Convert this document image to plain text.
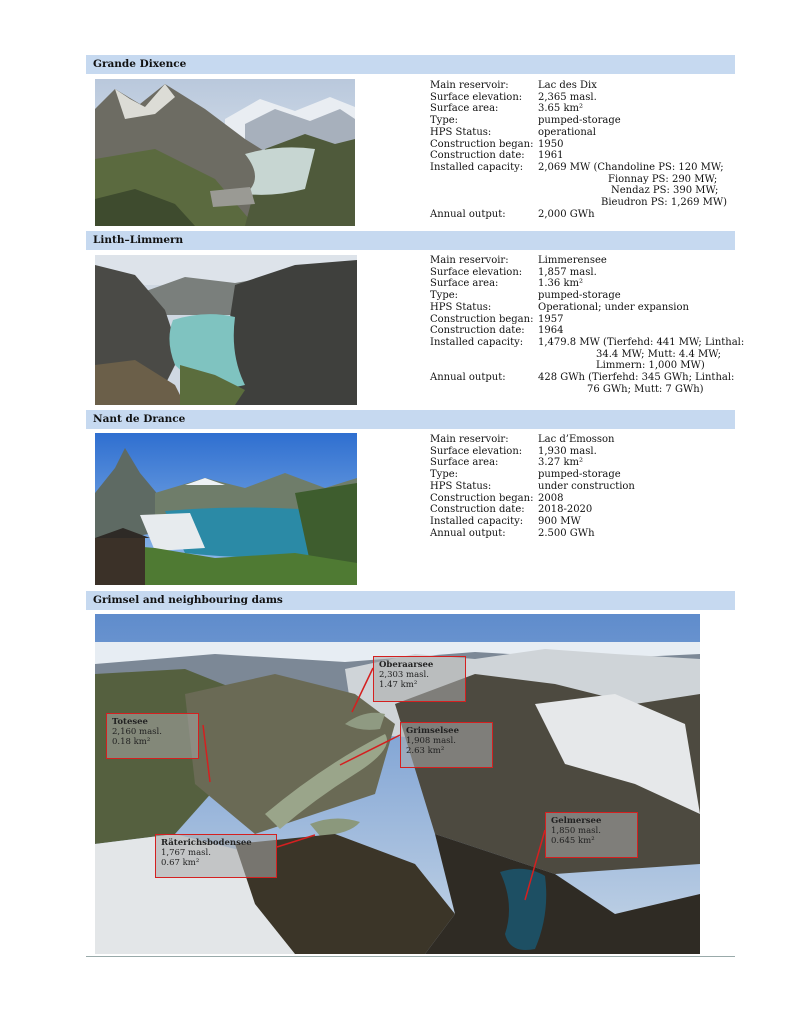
Grande Dixence
Main reservoir:	Lac des Dix
Surface elevation:	2,365 masl.
Surface area:	3.65 km²
Type:	pumped-storage
HPS Status:	operational
Construction began: 1950
Construction date:	1961
Installed capacity:	2,069 MW (Chandoline PS: 120 MW;
Fionnay PS: 290 MW;
Nendaz PS: 390 MW;
Bieudron PS: 1,269 MW)
Annual output:	2,000 GWh
Linth–Limmern
Main reservoir:	Limmerensee
Surface elevation:	1,857 masl.
Surface area:	1.36 km²
Type:	pumped-storage
HPS Status:	Operational; under expansion
Construction began: 1957
Construction date:	1964
Installed capacity:	1,479.8 MW (Tierfehd: 441 MW; Linthal:
34.4 MW; Mutt: 4.4 MW;
Limmern: 1,000 MW)
Annual output:	428 GWh (Tierfehd: 345 GWh; Linthal:
76 GWh; Mutt: 7 GWh)
Nant de Drance
Main reservoir:	Lac d’Emosson
Surface elevation:	1,930 masl.
Surface area:	3.27 km²
Type:	pumped-storage
HPS Status:	under construction
Construction began: 2008
Construction date:	2018-2020
Installed capacity:	900 MW
Annual output:	2.500 GWh
Grimsel and neighbouring dams
Oberaarsee
2,303 masl.
1.47 km²
Totesee
2,160 masl.
0.18 km²
Grimselsee
1,908 masl.
2.63 km²
Gelmersee
1,850 masl.
0.645 km²
Räterichsbodensee
1,767 masl.
0.67 km²
